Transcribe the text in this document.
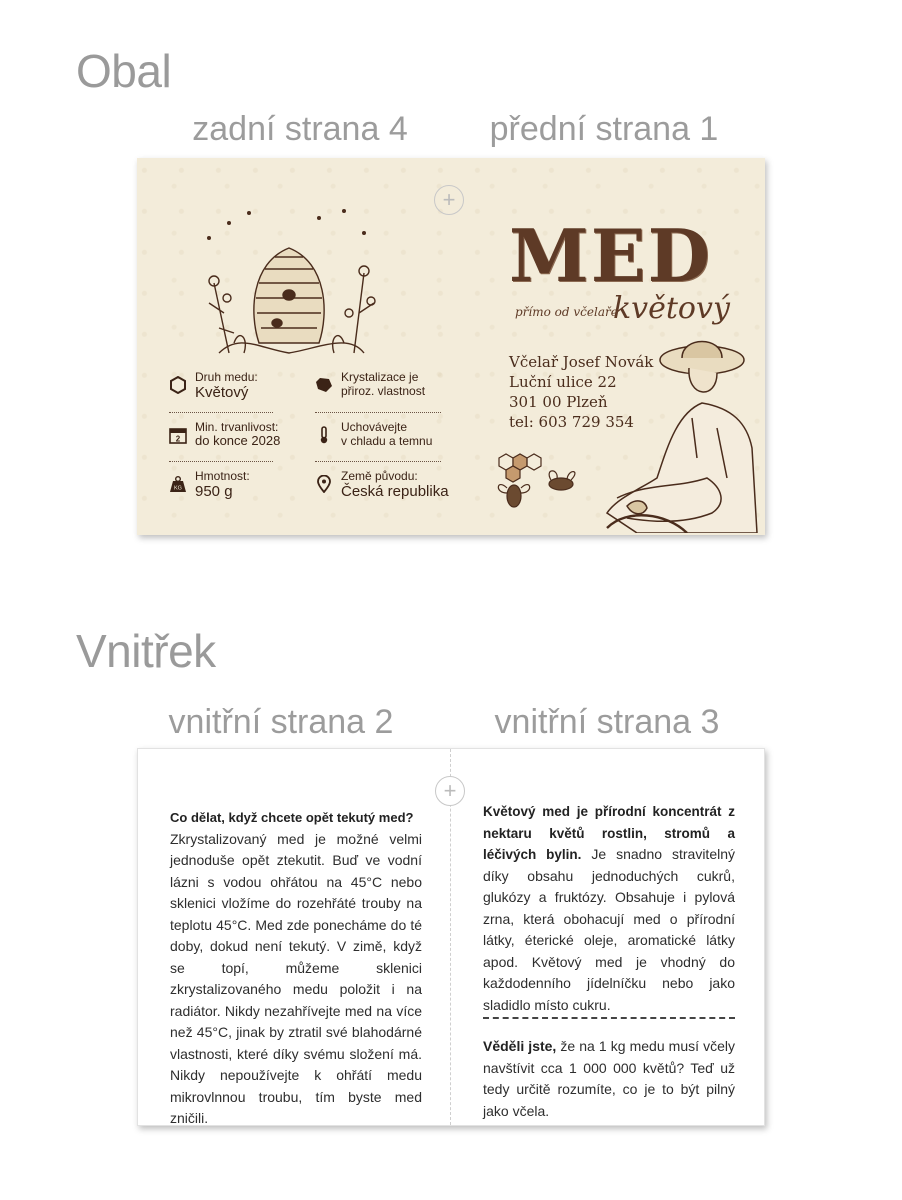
Obal
zadní strana 4	přední strana 1
+
Druh medu:
Květový
Krystalizace je
přiroz. vlastnost
2
Min. trvanlivost:
do konce 2028
Uchovávejte
v chladu a temnu
KG
Hmotnost:
950 g
Země původu:
Česká republika
MED
přímo od včelaře
květový
Včelař Josef Novák
Luční ulice 22
301 00 Plzeň
tel: 603 729 354
Vnitřek
vnitřní strana 2	vnitřní strana 3
+
Co dělat, když chcete opět tekutý med?
Zkrystalizovaný med je možné velmi jednoduše opět ztekutit. Buď ve vodní lázni s vodou ohřátou na 45°C nebo sklenici vložíme do rozehřáté trouby na teplotu 45°C. Med zde ponecháme do té doby, dokud není tekutý. V zimě, když se topí, můžeme sklenici zkrystalizovaného medu položit i na radiátor. Nikdy nezahřívejte med na více než 45°C, jinak by ztratil své blahodárné vlastnosti, které díky svému složení má. Nikdy nepoužívejte k ohřátí medu mikrovlnnou troubu, tím byste med zničili.
Květový med je přírodní koncentrát z nektaru květů rostlin, stromů a léčivých bylin. Je snadno stravitelný díky obsahu jednoduchých cukrů, glukózy a fruktózy. Obsahuje i pylová zrna, která obohacují med o přírodní látky, éterické oleje, aromatické látky apod. Květový med je vhodný do každodenního jídelníčku nebo jako sladidlo místo cukru.
Věděli jste, že na 1 kg medu musí včely navštívit cca 1 000 000 květů? Teď už tedy určitě rozumíte, co je to být pilný jako včela.
